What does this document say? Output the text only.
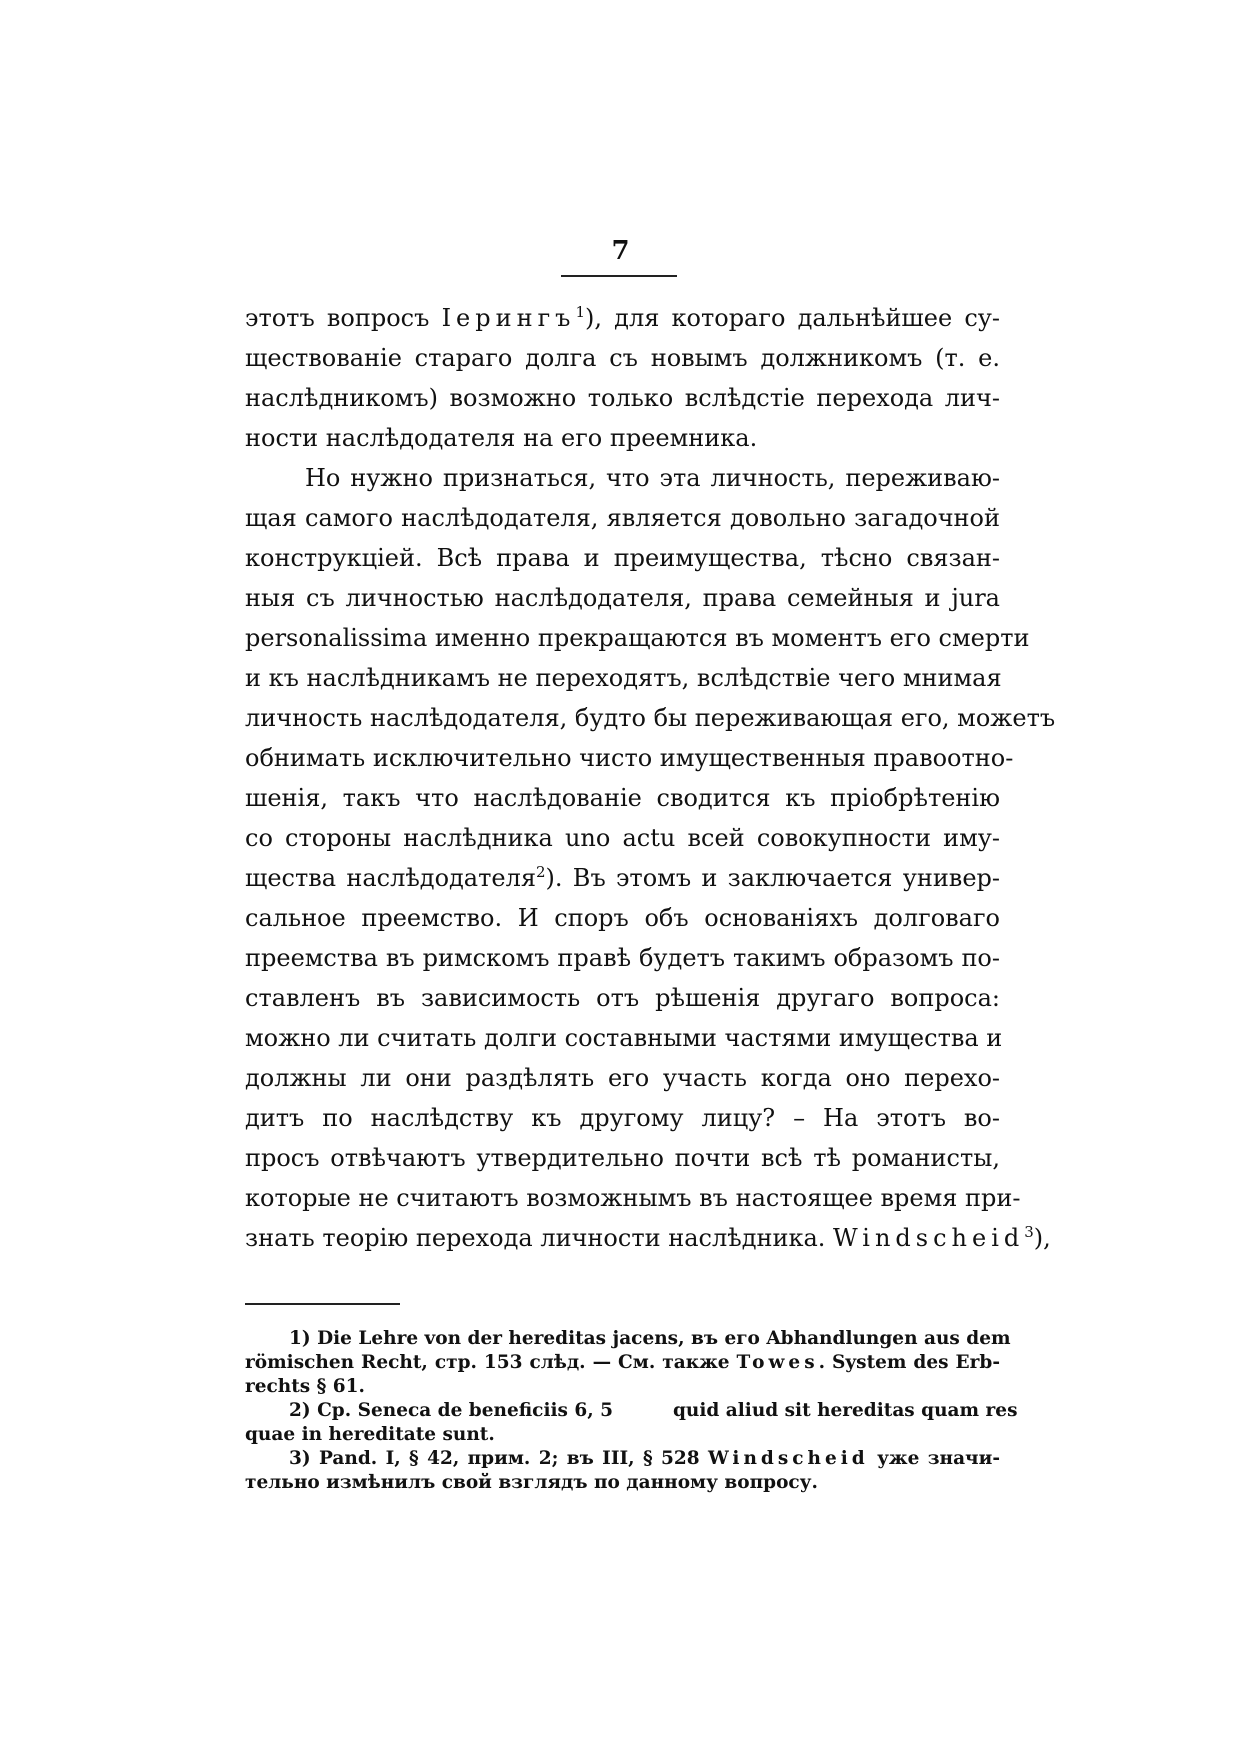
7
этотъ вопросъ Iерингъ$^1$), для котораго дальнѣйшее су-
ществованіе стараго долга съ новымъ должникомъ (т. е.
наслѣдникомъ) возможно только вслѣдстіе перехода лич-
ности наслѣдодателя на его преемника.
Но нужно признаться, что эта личность, переживаю-
щая самого наслѣдодателя, является довольно загадочной
конструкціей. Всѣ права и преимущества, тѣсно связан-
ныя съ личностью наслѣдодателя, права семейныя и jura
personalissima именно прекращаются въ моментъ его смерти
и къ наслѣдникамъ не переходятъ, вслѣдствіе чего мнимая
личность наслѣдодателя, будто бы переживающая его, можетъ
обнимать исключительно чисто имущественныя правоотно-
шенія, такъ что наслѣдованіе сводится къ пріобрѣтенію
со стороны наслѣдника unо actu всей совокупности иму-
щества наслѣдодателя$^2$). Въ этомъ и заключается универ-
сальное преемство. И споръ объ основаніяхъ долговаго
преемства въ римскомъ правѣ будетъ такимъ образомъ по-
ставленъ въ зависимость отъ рѣшенія другаго вопроса:
можно ли считать долги составными частями имущества и
должны ли они раздѣлять его участь когда оно перехо-
дитъ по наслѣдству къ другому лицу? – На этотъ во-
просъ отвѣчаютъ утвердительно почти всѣ тѣ романисты,
которые не считаютъ возможнымъ въ настоящее время при-
знать теорію перехода личности наслѣдника. Windscheid$^3$),
1) Die Lehre von der hereditas jacens, въ его Abhandlungen aus dem
römischen Recht, стр. 153 слѣд. — См. также Towes. System des Erb-
rechts § 61.
2) Ср. Seneca de beneficiis 6, 5	quid aliud sit hereditas quam res
quae in hereditate sunt.
3) Pand. I, § 42, прим. 2; въ III, § 528 Windscheid уже значи-
тельно измѣнилъ свой взглядъ по данному вопросу.
